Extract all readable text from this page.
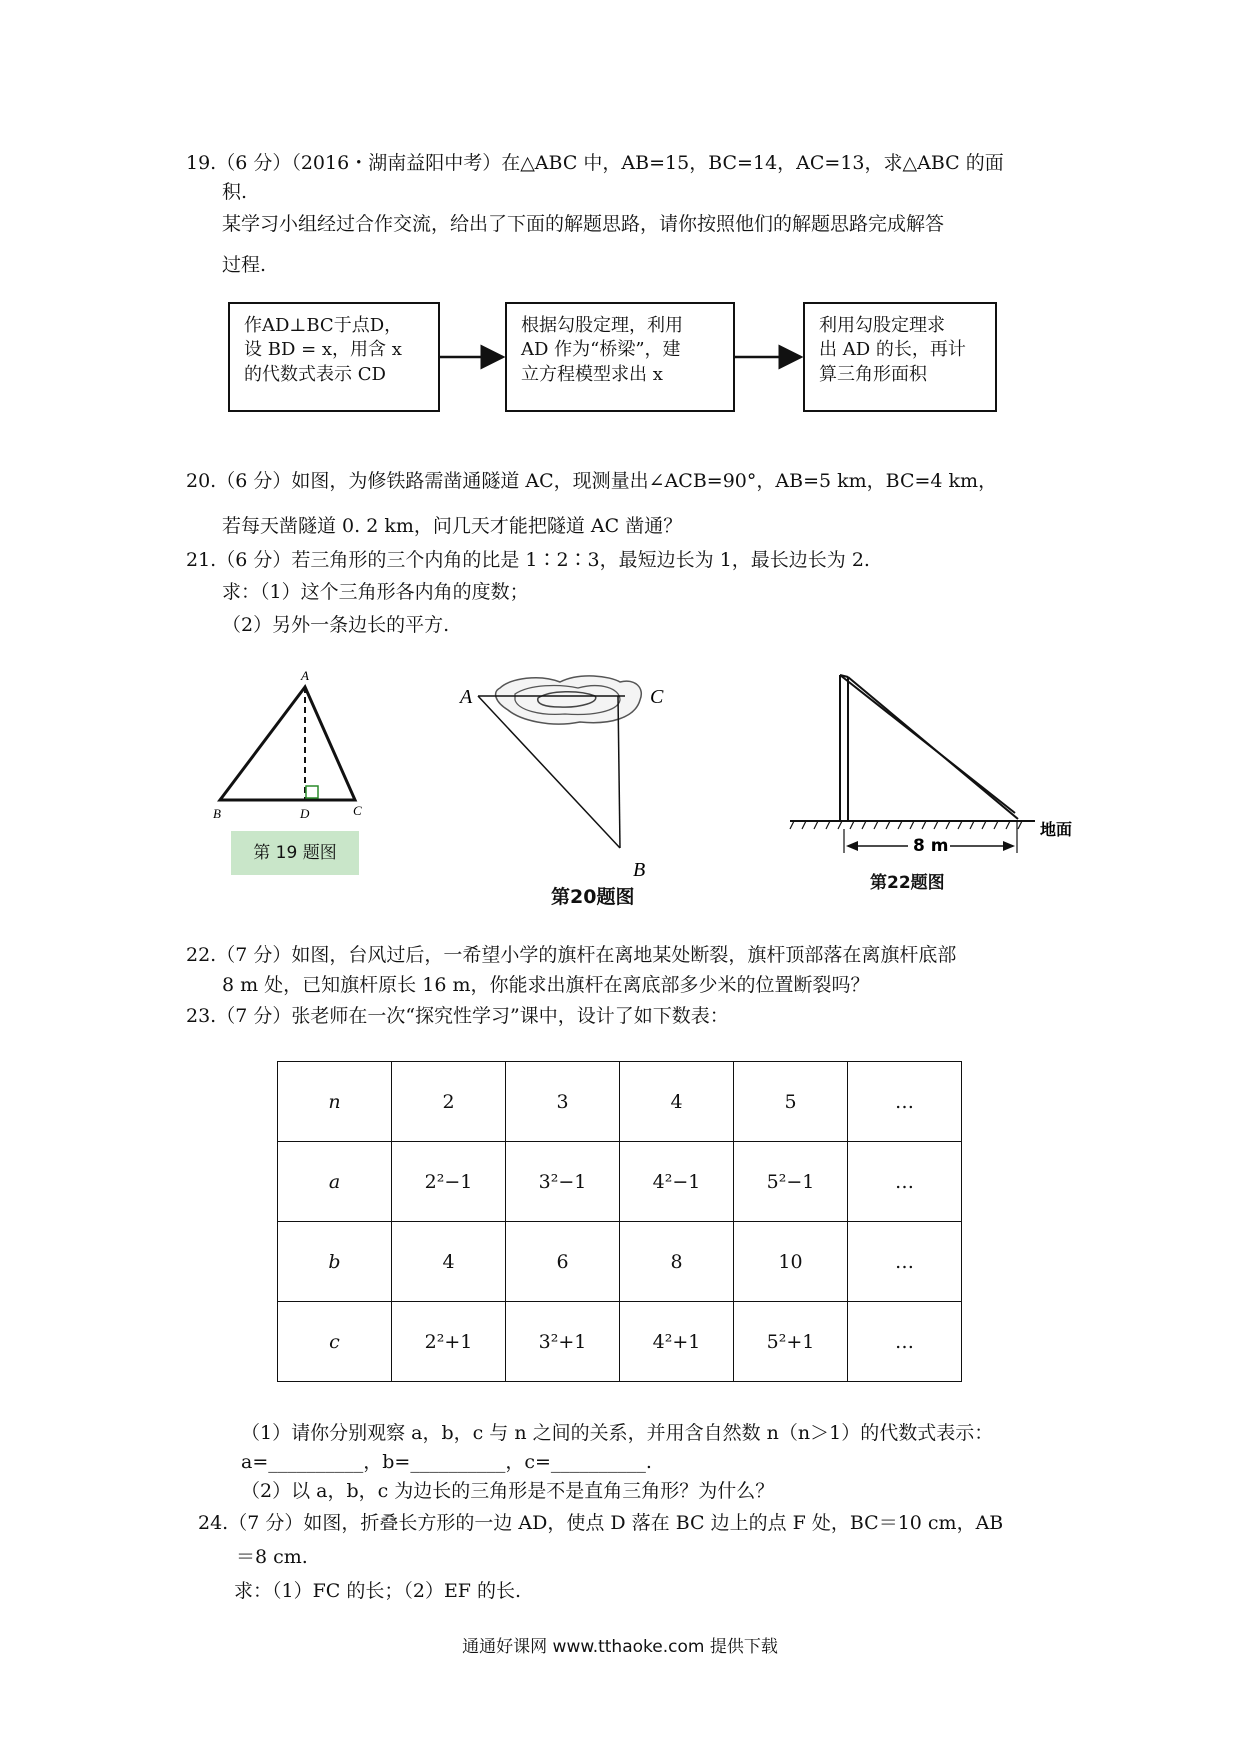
19.（6 分）（2016・湖南益阳中考）在△ABC 中，AB=15，BC=14，AC=13，求△ABC 的面
积.
某学习小组经过合作交流，给出了下面的解题思路，请你按照他们的解题思路完成解答
过程.
作AD⊥BC于点D，
设 BD = x，用含 x
的代数式表示 CD
根据勾股定理，利用
AD 作为“桥梁”，建
立方程模型求出 x
利用勾股定理求
出 AD 的长，再计
算三角形面积
20.（6 分）如图，为修铁路需凿通隧道 AC，现测量出∠ACB=90°，AB=5 km，BC=4 km，
若每天凿隧道 0. 2 km，问几天才能把隧道 AC 凿通？
21.（6 分）若三角形的三个内角的比是 1∶2∶3，最短边长为 1，最长边长为 2.
求：（1）这个三角形各内角的度数；
（2）另外一条边长的平方.
A
B	D	C
第 19 题图
A	C
B
第20题图
8 m
地面
第22题图
22.（7 分）如图，台风过后，一希望小学的旗杆在离地某处断裂，旗杆顶部落在离旗杆底部
8 m 处，已知旗杆原长 16 m，你能求出旗杆在离底部多少米的位置断裂吗？
23.（7 分）张老师在一次“探究性学习”课中，设计了如下数表：
n	2	3	4	5	…
a	2²−1	3²−1	4²−1	5²−1	…
b	4	6	8	10	…
c	2²+1	3²+1	4²+1	5²+1	…
（1）请你分别观察 a，b，c 与 n 之间的关系，并用含自然数 n（n＞1）的代数式表示：
a=__________，b=__________，c=__________.
（2）以 a，b，c 为边长的三角形是不是直角三角形？为什么？
24.（7 分）如图，折叠长方形的一边 AD，使点 D 落在 BC 边上的点 F 处，BC＝10 cm，AB
＝8 cm.
求：（1）FC 的长；（2）EF 的长.
通通好课网 www.tthaoke.com 提供下载
